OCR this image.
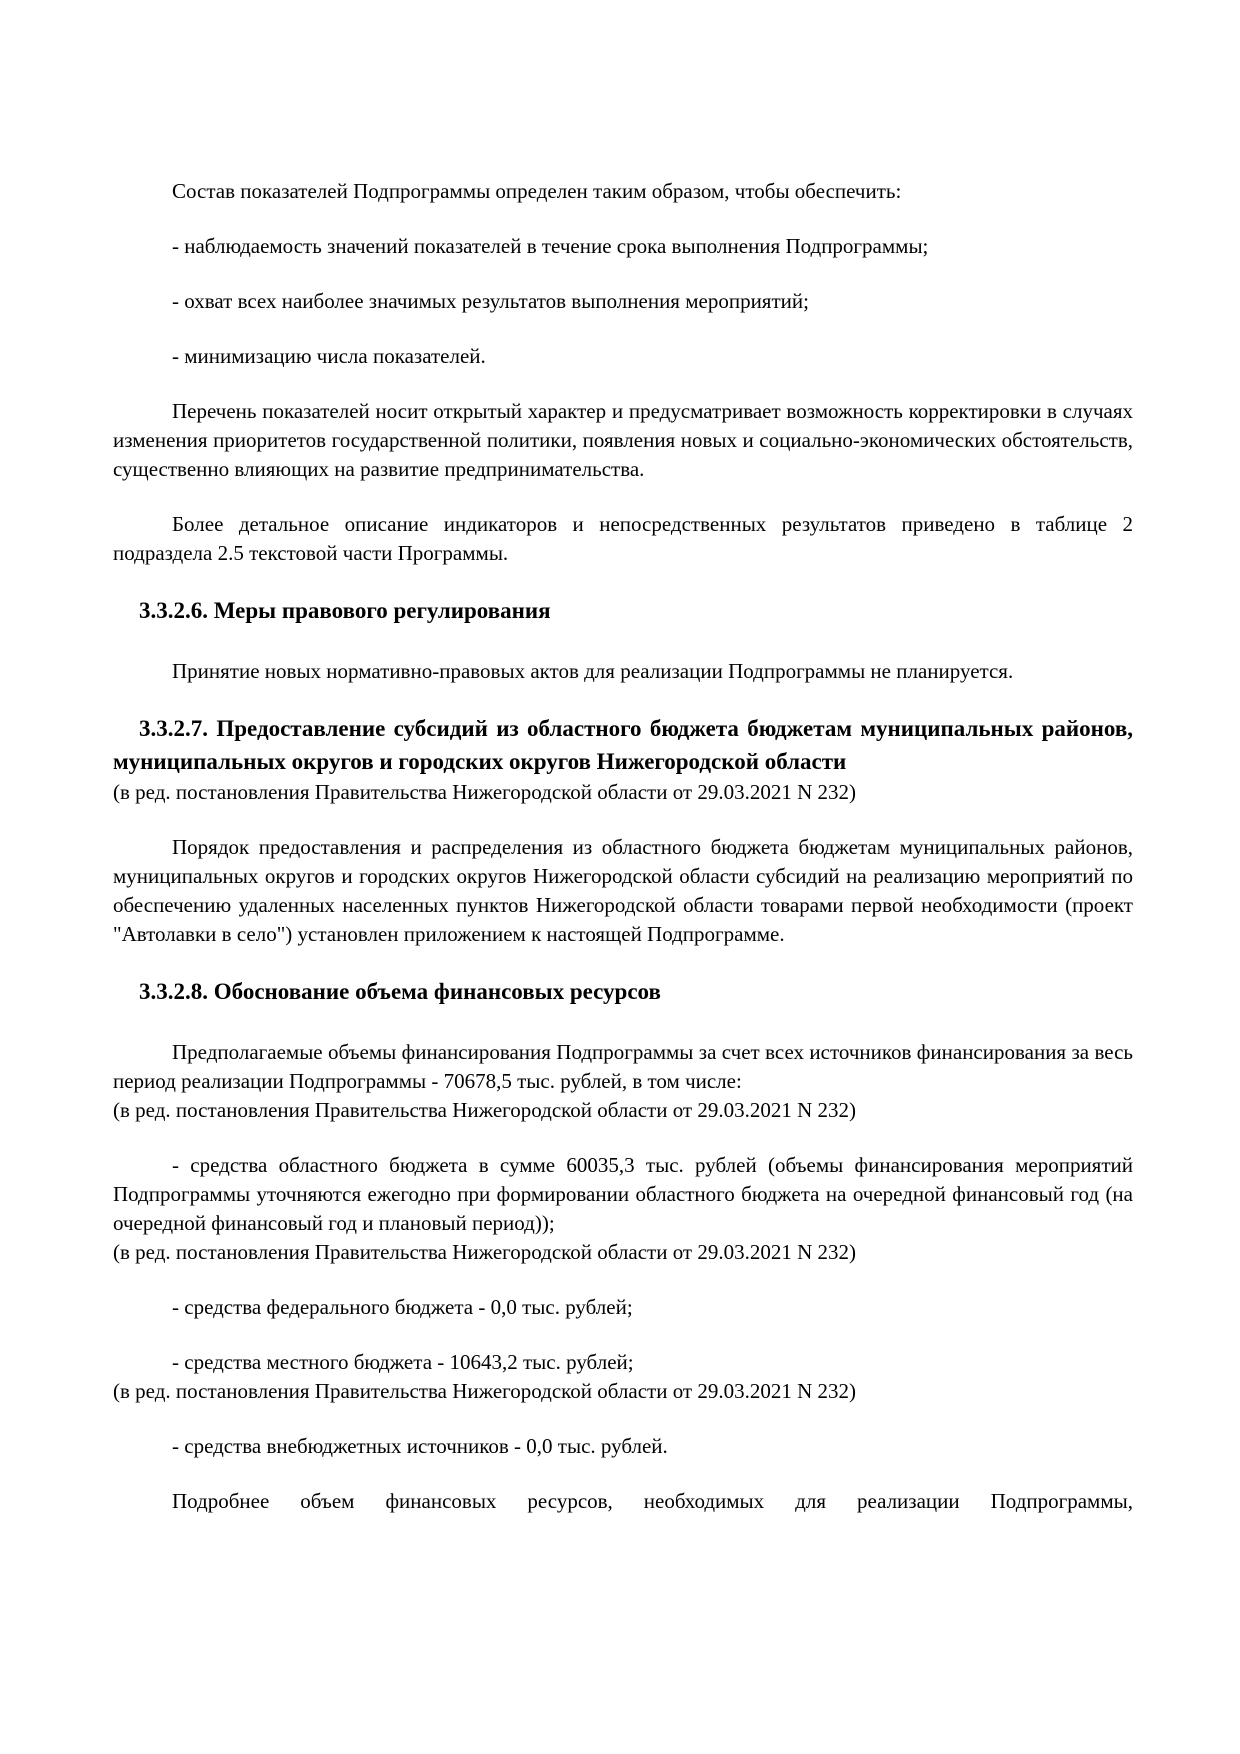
Состав показателей Подпрограммы определен таким образом, чтобы обеспечить:

- наблюдаемость значений показателей в течение срока выполнения Подпрограммы;

- охват всех наиболее значимых результатов выполнения мероприятий;

- минимизацию числа показателей.

Перечень показателей носит открытый характер и предусматривает возможность корректировки в случаях изменения приоритетов государственной политики, появления новых и социально-экономических обстоятельств, существенно влияющих на развитие предпринимательства.

Более детальное описание индикаторов и непосредственных результатов приведено в таблице 2 подраздела 2.5 текстовой части Программы.

3.3.2.6. Меры правового регулирования

Принятие новых нормативно-правовых актов для реализации Подпрограммы не планируется.

3.3.2.7. Предоставление субсидий из областного бюджета бюджетам муниципальных районов, муниципальных округов и городских округов Нижегородской области

(в ред. постановления Правительства Нижегородской области от 29.03.2021 N 232)

Порядок предоставления и распределения из областного бюджета бюджетам муниципальных районов, муниципальных округов и городских округов Нижегородской области субсидий на реализацию мероприятий по обеспечению удаленных населенных пунктов Нижегородской области товарами первой необходимости (проект "Автолавки в село") установлен приложением к настоящей Подпрограмме.

3.3.2.8. Обоснование объема финансовых ресурсов

Предполагаемые объемы финансирования Подпрограммы за счет всех источников финансирования за весь период реализации Подпрограммы - 70678,5 тыс. рублей, в том числе:

(в ред. постановления Правительства Нижегородской области от 29.03.2021 N 232)

- средства областного бюджета в сумме 60035,3 тыс. рублей (объемы финансирования мероприятий Подпрограммы уточняются ежегодно при формировании областного бюджета на очередной финансовый год (на очередной финансовый год и плановый период));

(в ред. постановления Правительства Нижегородской области от 29.03.2021 N 232)

- средства федерального бюджета - 0,0 тыс. рублей;

- средства местного бюджета - 10643,2 тыс. рублей;

(в ред. постановления Правительства Нижегородской области от 29.03.2021 N 232)

- средства внебюджетных источников - 0,0 тыс. рублей.

Подробнее объем финансовых ресурсов, необходимых для реализации Подпрограммы,
